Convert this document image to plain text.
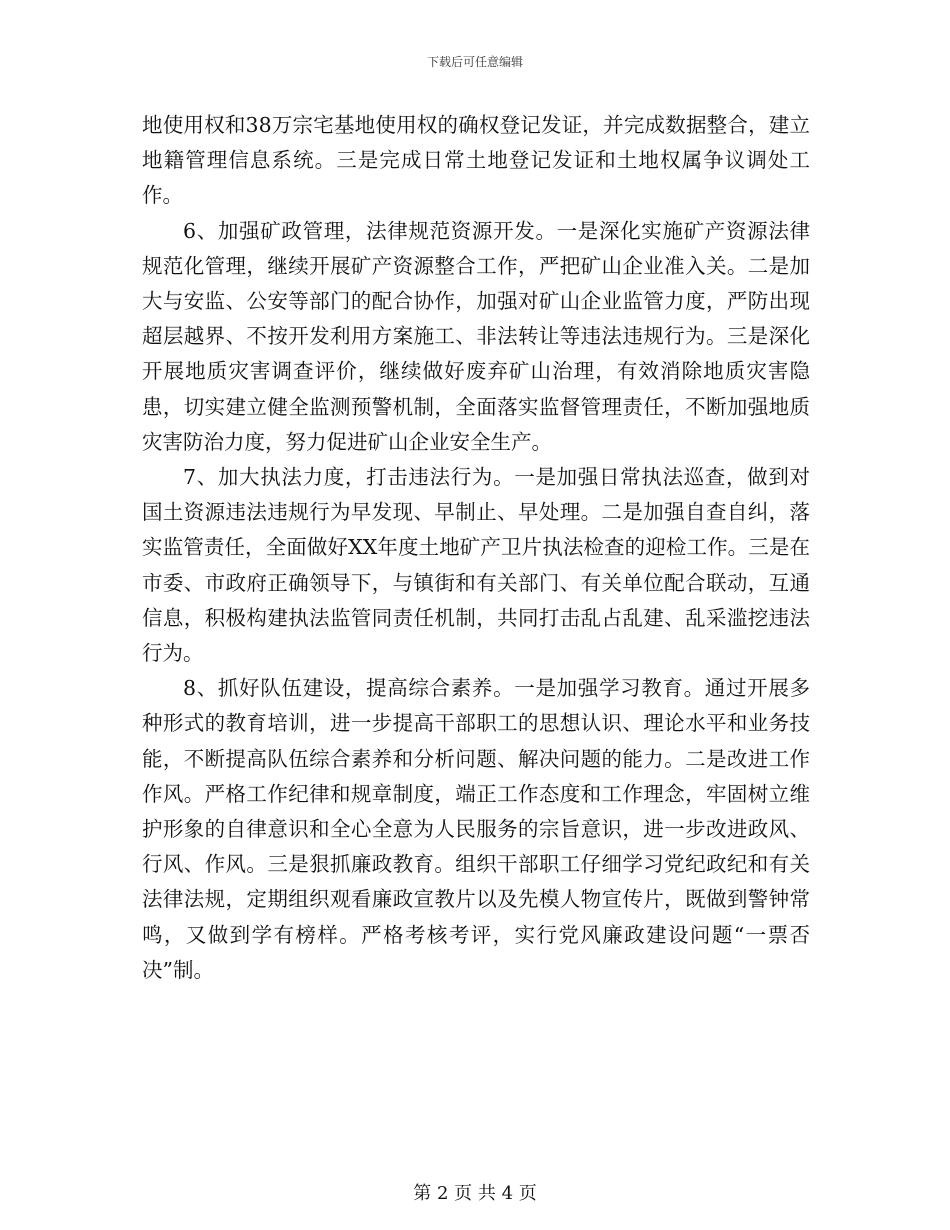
下载后可任意编辑

地使用权和38万宗宅基地使用权的确权登记发证，并完成数据整合，建立地籍管理信息系统。三是完成日常土地登记发证和土地权属争议调处工作。

6、加强矿政管理，法律规范资源开发。一是深化实施矿产资源法律规范化管理，继续开展矿产资源整合工作，严把矿山企业准入关。二是加大与安监、公安等部门的配合协作，加强对矿山企业监管力度，严防出现超层越界、不按开发利用方案施工、非法转让等违法违规行为。三是深化开展地质灾害调查评价，继续做好废弃矿山治理，有效消除地质灾害隐患，切实建立健全监测预警机制，全面落实监督管理责任，不断加强地质灾害防治力度，努力促进矿山企业安全生产。

7、加大执法力度，打击违法行为。一是加强日常执法巡查，做到对国土资源违法违规行为早发现、早制止、早处理。二是加强自查自纠，落实监管责任，全面做好XX年度土地矿产卫片执法检查的迎检工作。三是在市委、市政府正确领导下，与镇街和有关部门、有关单位配合联动，互通信息，积极构建执法监管同责任机制，共同打击乱占乱建、乱采滥挖违法行为。

8、抓好队伍建设，提高综合素养。一是加强学习教育。通过开展多种形式的教育培训，进一步提高干部职工的思想认识、理论水平和业务技能，不断提高队伍综合素养和分析问题、解决问题的能力。二是改进工作作风。严格工作纪律和规章制度，端正工作态度和工作理念，牢固树立维护形象的自律意识和全心全意为人民服务的宗旨意识，进一步改进政风、行风、作风。三是狠抓廉政教育。组织干部职工仔细学习党纪政纪和有关法律法规，定期组织观看廉政宣教片以及先模人物宣传片，既做到警钟常鸣，又做到学有榜样。严格考核考评，实行党风廉政建设问题“一票否决”制。

第 2 页 共 4 页
